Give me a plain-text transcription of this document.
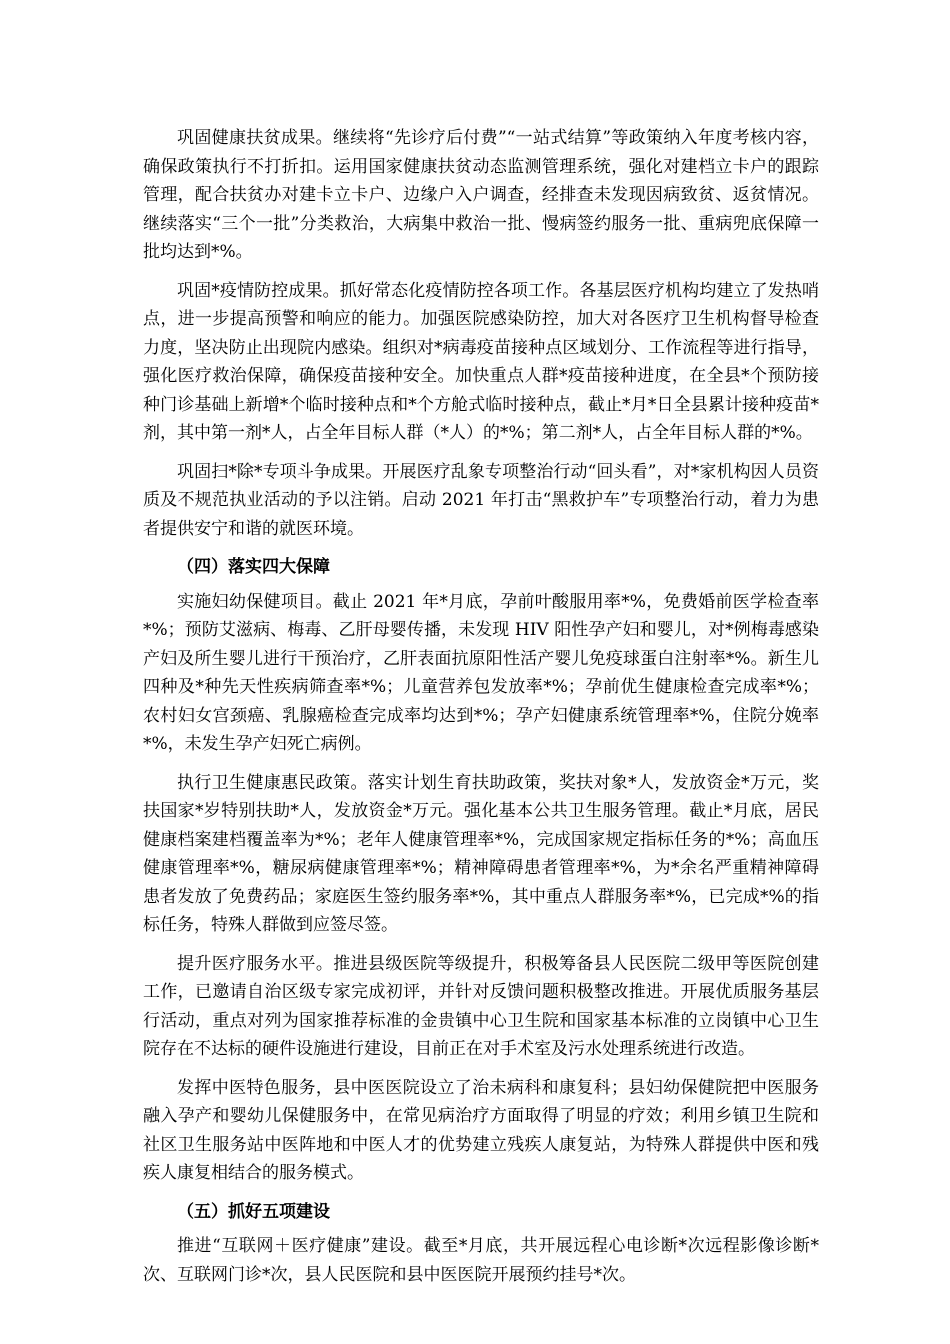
巩固健康扶贫成果。继续将“先诊疗后付费”“一站式结算”等政策纳入年度考核内容，确保政策执行不打折扣。运用国家健康扶贫动态监测管理系统，强化对建档立卡户的跟踪管理，配合扶贫办对建卡立卡户、边缘户入户调查，经排查未发现因病致贫、返贫情况。继续落实“三个一批”分类救治，大病集中救治一批、慢病签约服务一批、重病兜底保障一批均达到*%。

巩固*疫情防控成果。抓好常态化疫情防控各项工作。各基层医疗机构均建立了发热哨点，进一步提高预警和响应的能力。加强医院感染防控，加大对各医疗卫生机构督导检查力度，坚决防止出现院内感染。组织对*病毒疫苗接种点区域划分、工作流程等进行指导，强化医疗救治保障，确保疫苗接种安全。加快重点人群*疫苗接种进度，在全县*个预防接种门诊基础上新增*个临时接种点和*个方舱式临时接种点，截止*月*日全县累计接种疫苗*剂，其中第一剂*人，占全年目标人群（*人）的*%；第二剂*人，占全年目标人群的*%。

巩固扫*除*专项斗争成果。开展医疗乱象专项整治行动“回头看”，对*家机构因人员资质及不规范执业活动的予以注销。启动 2021 年打击“黑救护车”专项整治行动，着力为患者提供安宁和谐的就医环境。

（四）落实四大保障

实施妇幼保健项目。截止 2021 年*月底，孕前叶酸服用率*%，免费婚前医学检查率*%；预防艾滋病、梅毒、乙肝母婴传播，未发现 HIV 阳性孕产妇和婴儿，对*例梅毒感染产妇及所生婴儿进行干预治疗，乙肝表面抗原阳性活产婴儿免疫球蛋白注射率*%。新生儿四种及*种先天性疾病筛查率*%；儿童营养包发放率*%；孕前优生健康检查完成率*%；农村妇女宫颈癌、乳腺癌检查完成率均达到*%；孕产妇健康系统管理率*%，住院分娩率 *%，未发生孕产妇死亡病例。

执行卫生健康惠民政策。落实计划生育扶助政策，奖扶对象*人，发放资金*万元，奖扶国家*岁特别扶助*人，发放资金*万元。强化基本公共卫生服务管理。截止*月底，居民健康档案建档覆盖率为*%；老年人健康管理率*%，完成国家规定指标任务的*%；高血压健康管理率*%，糖尿病健康管理率*%；精神障碍患者管理率*%，为*余名严重精神障碍患者发放了免费药品；家庭医生签约服务率*%，其中重点人群服务率*%，已完成*%的指标任务，特殊人群做到应签尽签。

提升医疗服务水平。推进县级医院等级提升，积极筹备县人民医院二级甲等医院创建工作，已邀请自治区级专家完成初评，并针对反馈问题积极整改推进。开展优质服务基层行活动，重点对列为国家推荐标准的金贵镇中心卫生院和国家基本标准的立岗镇中心卫生院存在不达标的硬件设施进行建设，目前正在对手术室及污水处理系统进行改造。

发挥中医特色服务，县中医医院设立了治未病科和康复科；县妇幼保健院把中医服务融入孕产和婴幼儿保健服务中，在常见病治疗方面取得了明显的疗效；利用乡镇卫生院和社区卫生服务站中医阵地和中医人才的优势建立残疾人康复站，为特殊人群提供中医和残疾人康复相结合的服务模式。

（五）抓好五项建设

推进“互联网＋医疗健康”建设。截至*月底，共开展远程心电诊断*次远程影像诊断*次、互联网门诊*次，县人民医院和县中医医院开展预约挂号*次。
